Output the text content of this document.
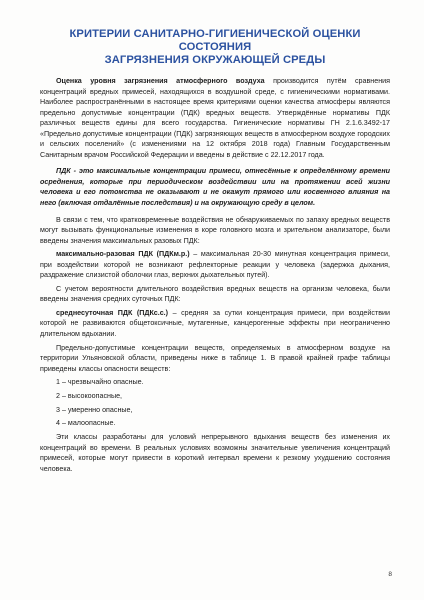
КРИТЕРИИ САНИТАРНО-ГИГИЕНИЧЕСКОЙ ОЦЕНКИ СОСТОЯНИЯ
ЗАГРЯЗНЕНИЯ ОКРУЖАЮЩЕЙ СРЕДЫ

Оценка уровня загрязнения атмосферного воздуха производится путём сравнения концентраций вредных примесей, находящихся в воздушной среде, с гигиеническими нормативами. Наиболее распространёнными в настоящее время критериями оценки качества атмосферы являются предельно допустимые концентрации (ПДК) вредных веществ. Утверждённые нормативы ПДК различных веществ едины для всего государства. Гигиенические нормативы ГН 2.1.6.3492-17 «Предельно допустимые концентрации (ПДК) загрязняющих веществ в атмосферном воздухе городских и сельских поселений» (с изменениями на 12 октября 2018 года) Главным Государственным Санитарным врачом Российской Федерации и введены в действие с 22.12.2017 года.

ПДК - это максимальные концентрации примеси, отнесённые к определённому времени осреднения, которые при периодическом воздействии или на протяжении всей жизни человека и его потомства не оказывают и не окажут прямого или косвенного влияния на него (включая отдалённые последствия) и на окружающую среду в целом.

В связи с тем, что кратковременные воздействия не обнаруживаемых по запаху вредных веществ могут вызывать функциональные изменения в коре головного мозга и зрительном анализаторе, были введены значения максимальных разовых ПДК:

максимально-разовая ПДК (ПДКм.р.) – максимальная 20-30 минутная концентрация примеси, при воздействии которой не возникают рефлекторные реакции у человека (задержка дыхания, раздражение слизистой оболочки глаз, верхних дыхательных путей).

С учетом вероятности длительного воздействия вредных веществ на организм человека, были введены значения средних суточных ПДК:

среднесуточная ПДК (ПДКс.с.) – средняя за сутки концентрация примеси, при воздействии которой не развиваются общетоксичные, мутагенные, канцерогенные эффекты при неограниченно длительном вдыхании.

Предельно-допустимые концентрации веществ, определяемых в атмосферном воздухе на территории Ульяновской области, приведены ниже в таблице 1. В правой крайней графе таблицы приведены классы опасности веществ:

1 – чрезвычайно опасные.
2 – высокоопасные,
3 – умеренно опасные,
4 – малоопасные.

Эти классы разработаны для условий непрерывного вдыхания веществ без изменения их концентраций во времени. В реальных условиях возможны значительные увеличения концентраций примесей, которые могут привести в короткий интервал времени к резкому ухудшению состояния человека.

8
